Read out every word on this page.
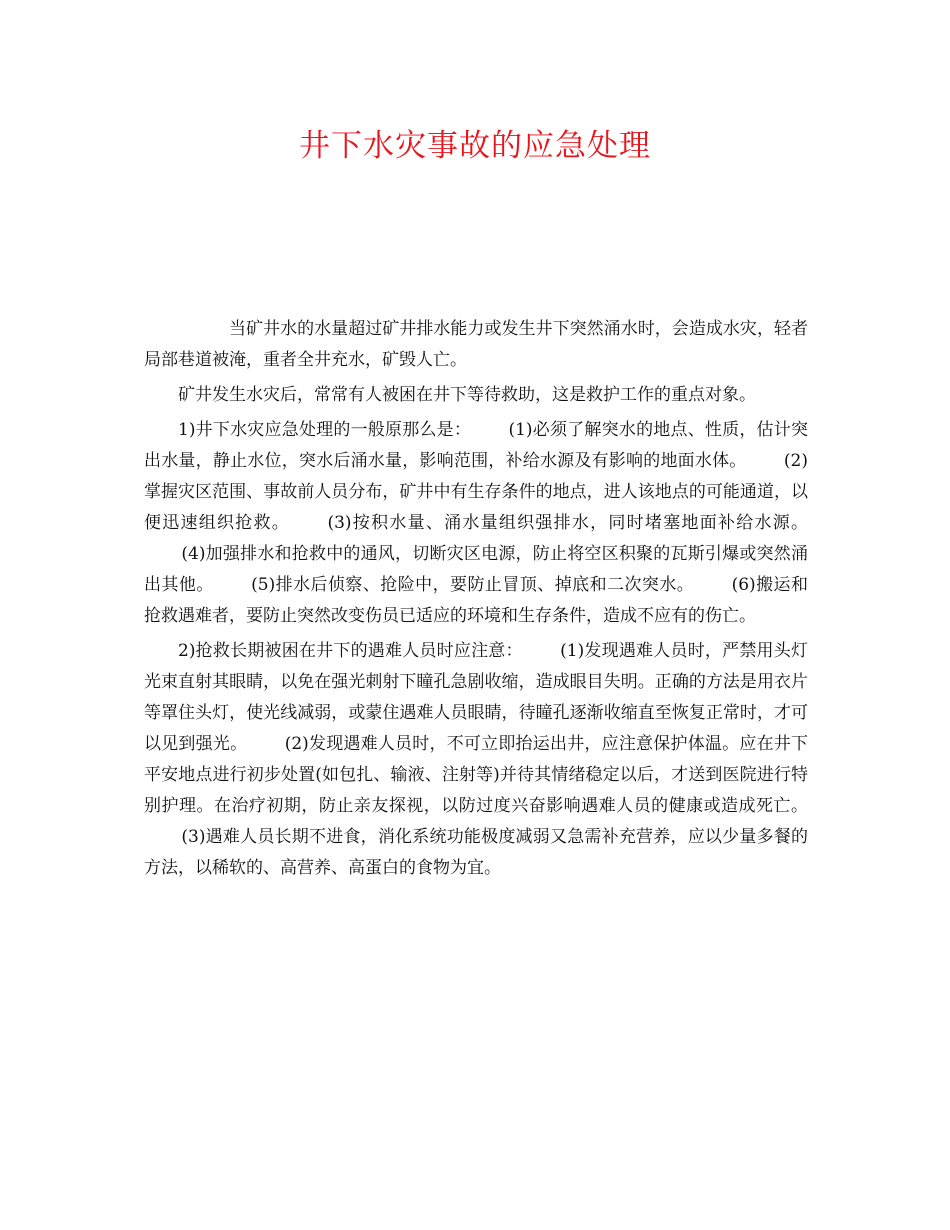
井下水灾事故的应急处理

当矿井水的水量超过矿井排水能力或发生井下突然涌水时，会造成水灾，轻者局部巷道被淹，重者全井充水，矿毁人亡。

矿井发生水灾后，常常有人被困在井下等待救助，这是救护工作的重点对象。

1)井下水灾应急处理的一般原那么是： (1)必须了解突水的地点、性质，估计突出水量，静止水位，突水后涌水量，影响范围，补给水源及有影响的地面水体。 (2)掌握灾区范围、事故前人员分布，矿井中有生存条件的地点，进人该地点的可能通道，以便迅速组织抢救。 (3)按积水量、涌水量组织强排水，同时堵塞地面补给水源。(4)加强排水和抢救中的通风，切断灾区电源，防止将空区积聚的瓦斯引爆或突然涌出其他。 (5)排水后侦察、抢险中，要防止冒顶、掉底和二次突水。 (6)搬运和抢救遇难者，要防止突然改变伤员已适应的环境和生存条件，造成不应有的伤亡。

2)抢救长期被困在井下的遇难人员时应注意： (1)发现遇难人员时，严禁用头灯光束直射其眼睛，以免在强光刺射下瞳孔急剧收缩，造成眼目失明。正确的方法是用衣片等罩住头灯，使光线减弱，或蒙住遇难人员眼睛，待瞳孔逐渐收缩直至恢复正常时，才可以见到强光。 (2)发现遇难人员时，不可立即抬运出井，应注意保护体温。应在井下平安地点进行初步处置(如包扎、输液、注射等)并待其情绪稳定以后，才送到医院进行特别护理。在治疗初期，防止亲友探视，以防过度兴奋影响遇难人员的健康或造成死亡。(3)遇难人员长期不进食，消化系统功能极度减弱又急需补充营养，应以少量多餐的方法，以稀软的、高营养、高蛋白的食物为宜。
